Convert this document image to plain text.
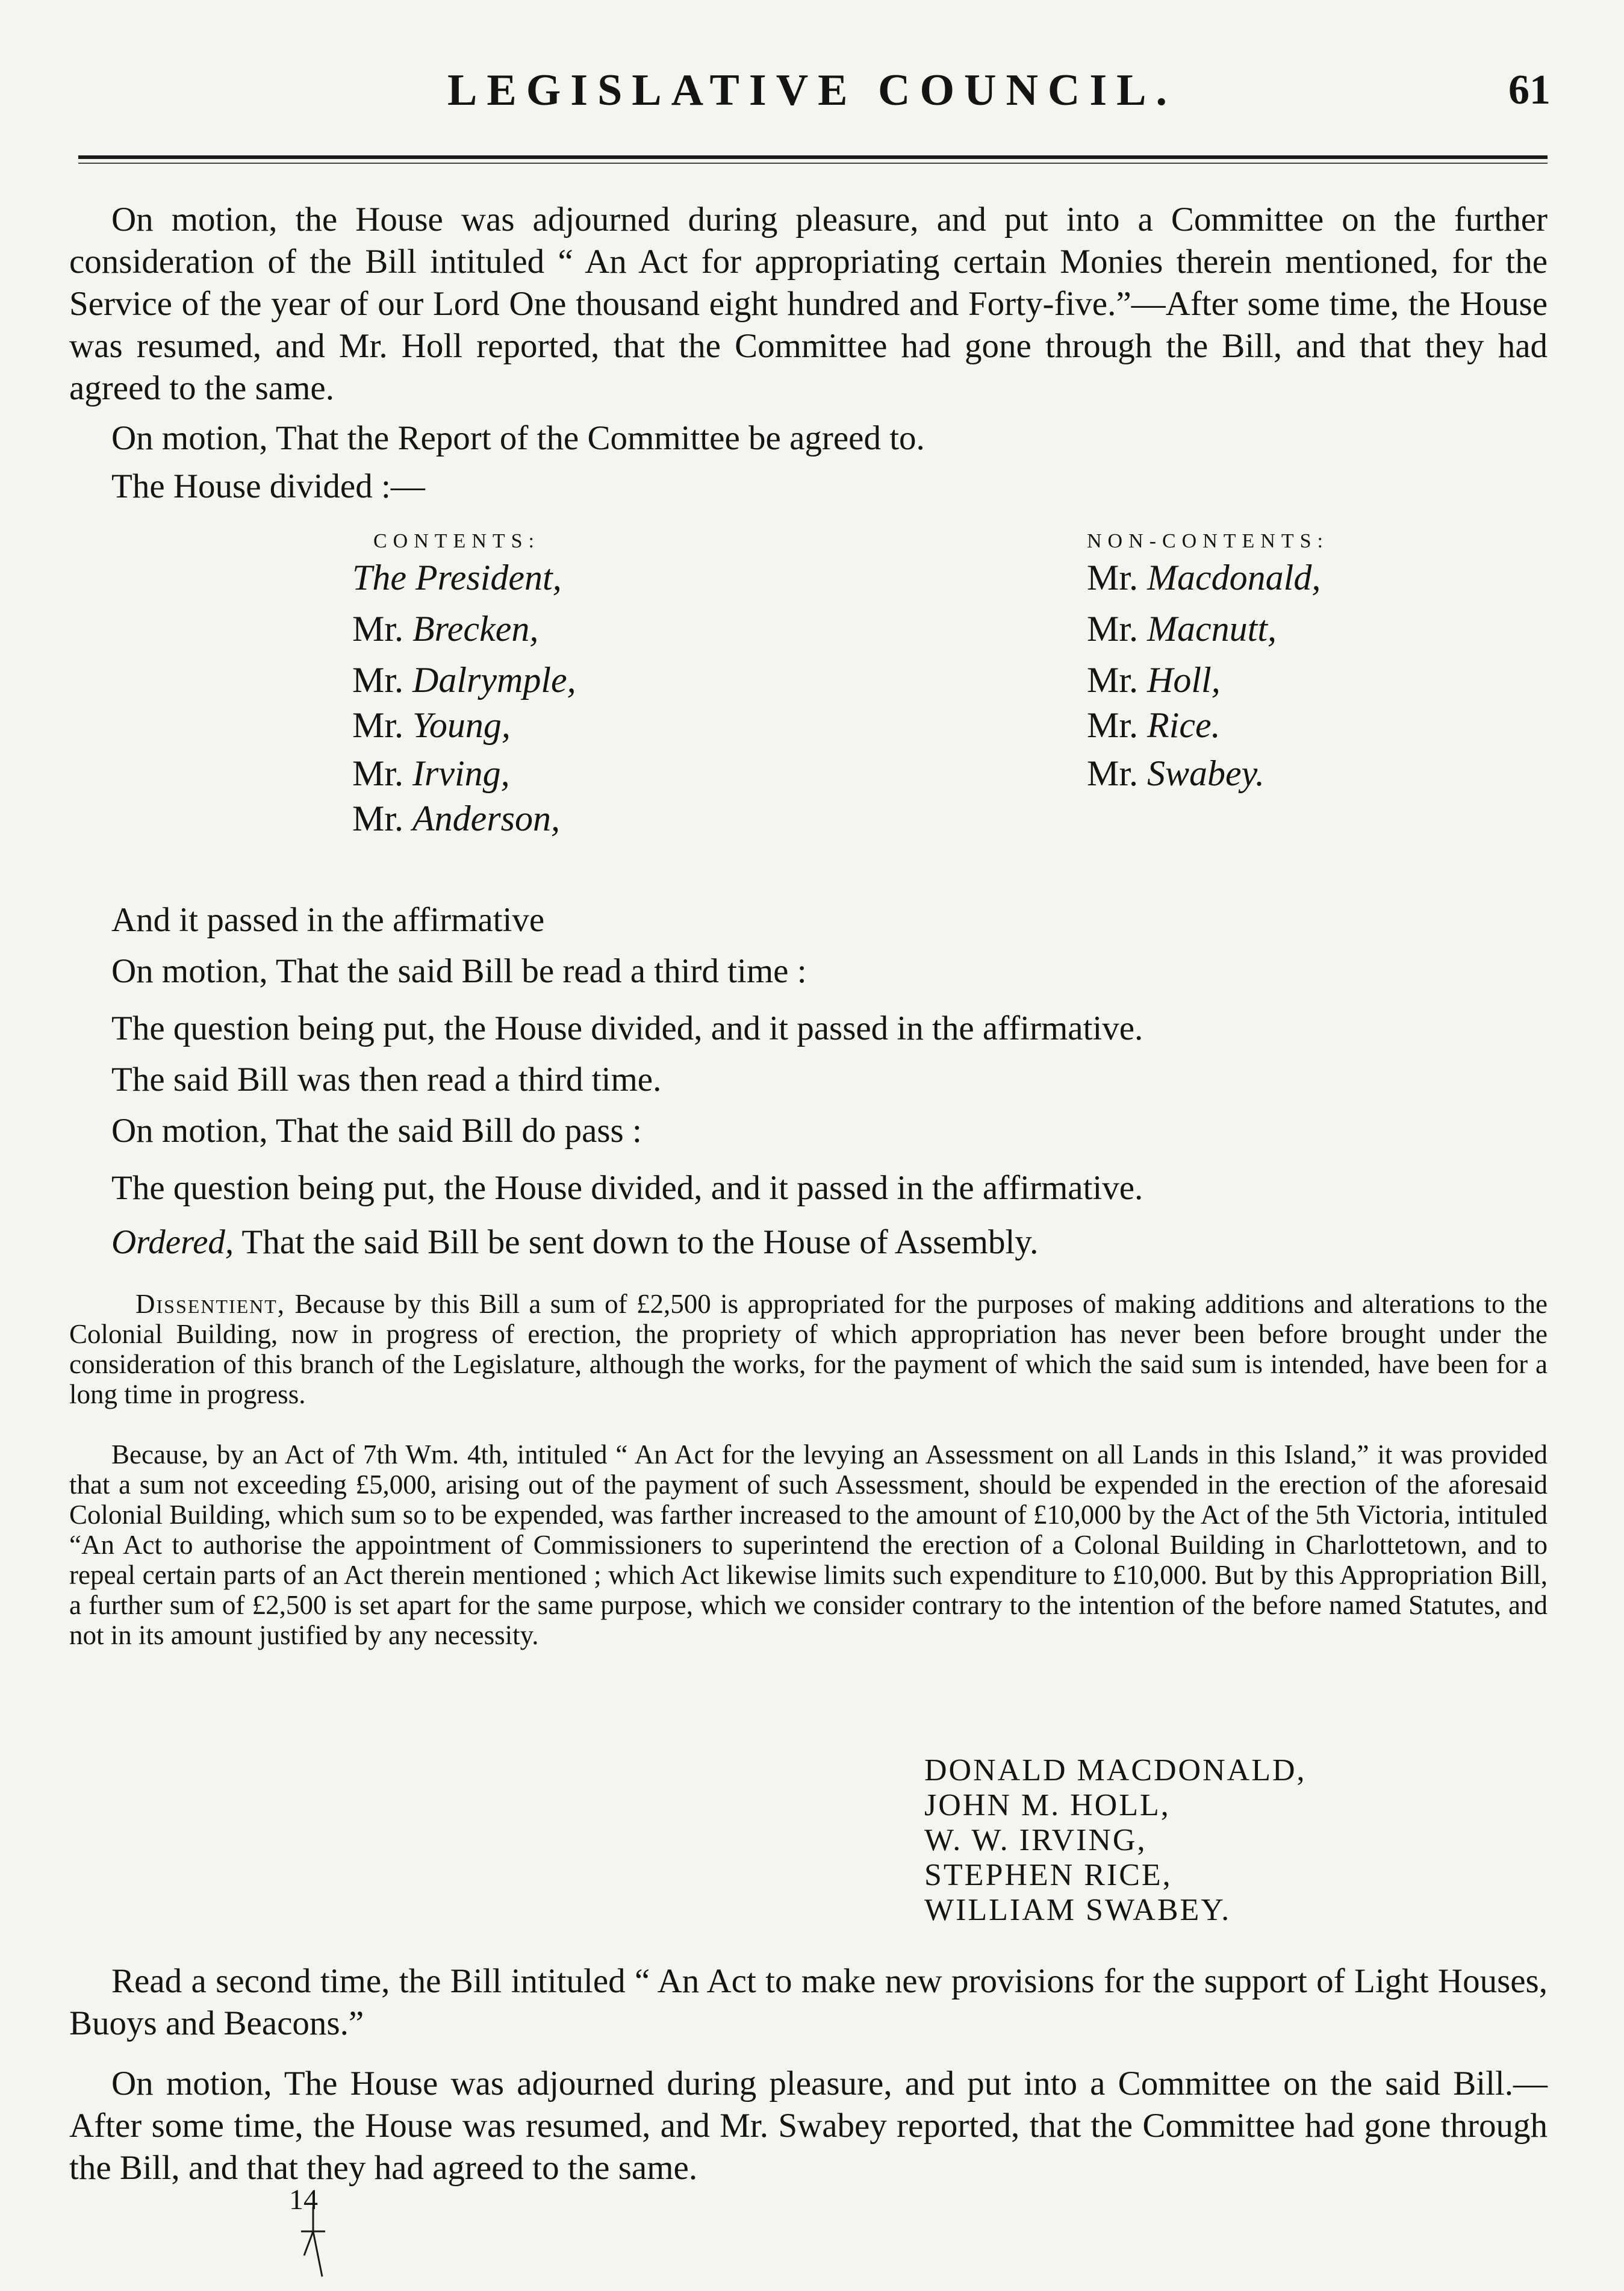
LEGISLATIVE COUNCIL.	61
On motion, the House was adjourned during pleasure, and put into a Committee on the further consideration of the Bill intituled “ An Act for appropriating certain Monies therein mentioned, for the Service of the year of our Lord One thousand eight hundred and Forty-five.”—After some time, the House was resumed, and Mr. Holl reported, that the Committee had gone through the Bill, and that they had agreed to the same.
On motion, That the Report of the Committee be agreed to.
The House divided :—
CONTENTS:	NON-CONTENTS:
The President,
Mr. Brecken,
Mr. Dalrymple,
Mr. Young,
Mr. Irving,
Mr. Anderson,
Mr. Macdonald,
Mr. Macnutt,
Mr. Holl,
Mr. Rice.
Mr. Swabey.
And it passed in the affirmative
On motion, That the said Bill be read a third time :
The question being put, the House divided, and it passed in the affirmative.
The said Bill was then read a third time.
On motion, That the said Bill do pass :
The question being put, the House divided, and it passed in the affirmative.
Ordered, That the said Bill be sent down to the House of Assembly.
Dissentient, Because by this Bill a sum of £2,500 is appropriated for the purposes of making additions and alterations to the Colonial Building, now in progress of erection, the propriety of which appropriation has never been before brought under the consideration of this branch of the Legislature, although the works, for the payment of which the said sum is intended, have been for a long time in progress.
Because, by an Act of 7th Wm. 4th, intituled “ An Act for the levying an Assessment on all Lands in this Island,” it was provided that a sum not exceeding £5,000, arising out of the payment of such Assessment, should be expended in the erection of the aforesaid Colonial Building, which sum so to be expended, was farther increased to the amount of £10,000 by the Act of the 5th Victoria, intituled “An Act to authorise the appointment of Commissioners to superintend the erection of a Colonal Building in Charlottetown, and to repeal certain parts of an Act therein mentioned ; which Act likewise limits such expenditure to £10,000. But by this Appropriation Bill, a further sum of £2,500 is set apart for the same purpose, which we consider contrary to the intention of the before named Statutes, and not in its amount justified by any necessity.
DONALD MACDONALD,
JOHN M. HOLL,
W. W. IRVING,
STEPHEN RICE,
WILLIAM SWABEY.
Read a second time, the Bill intituled “ An Act to make new provisions for the support of Light Houses, Buoys and Beacons.”
On motion, The House was adjourned during pleasure, and put into a Committee on the said Bill.—After some time, the House was resumed, and Mr. Swabey reported, that the Committee had gone through the Bill, and that they had agreed to the same.
14
